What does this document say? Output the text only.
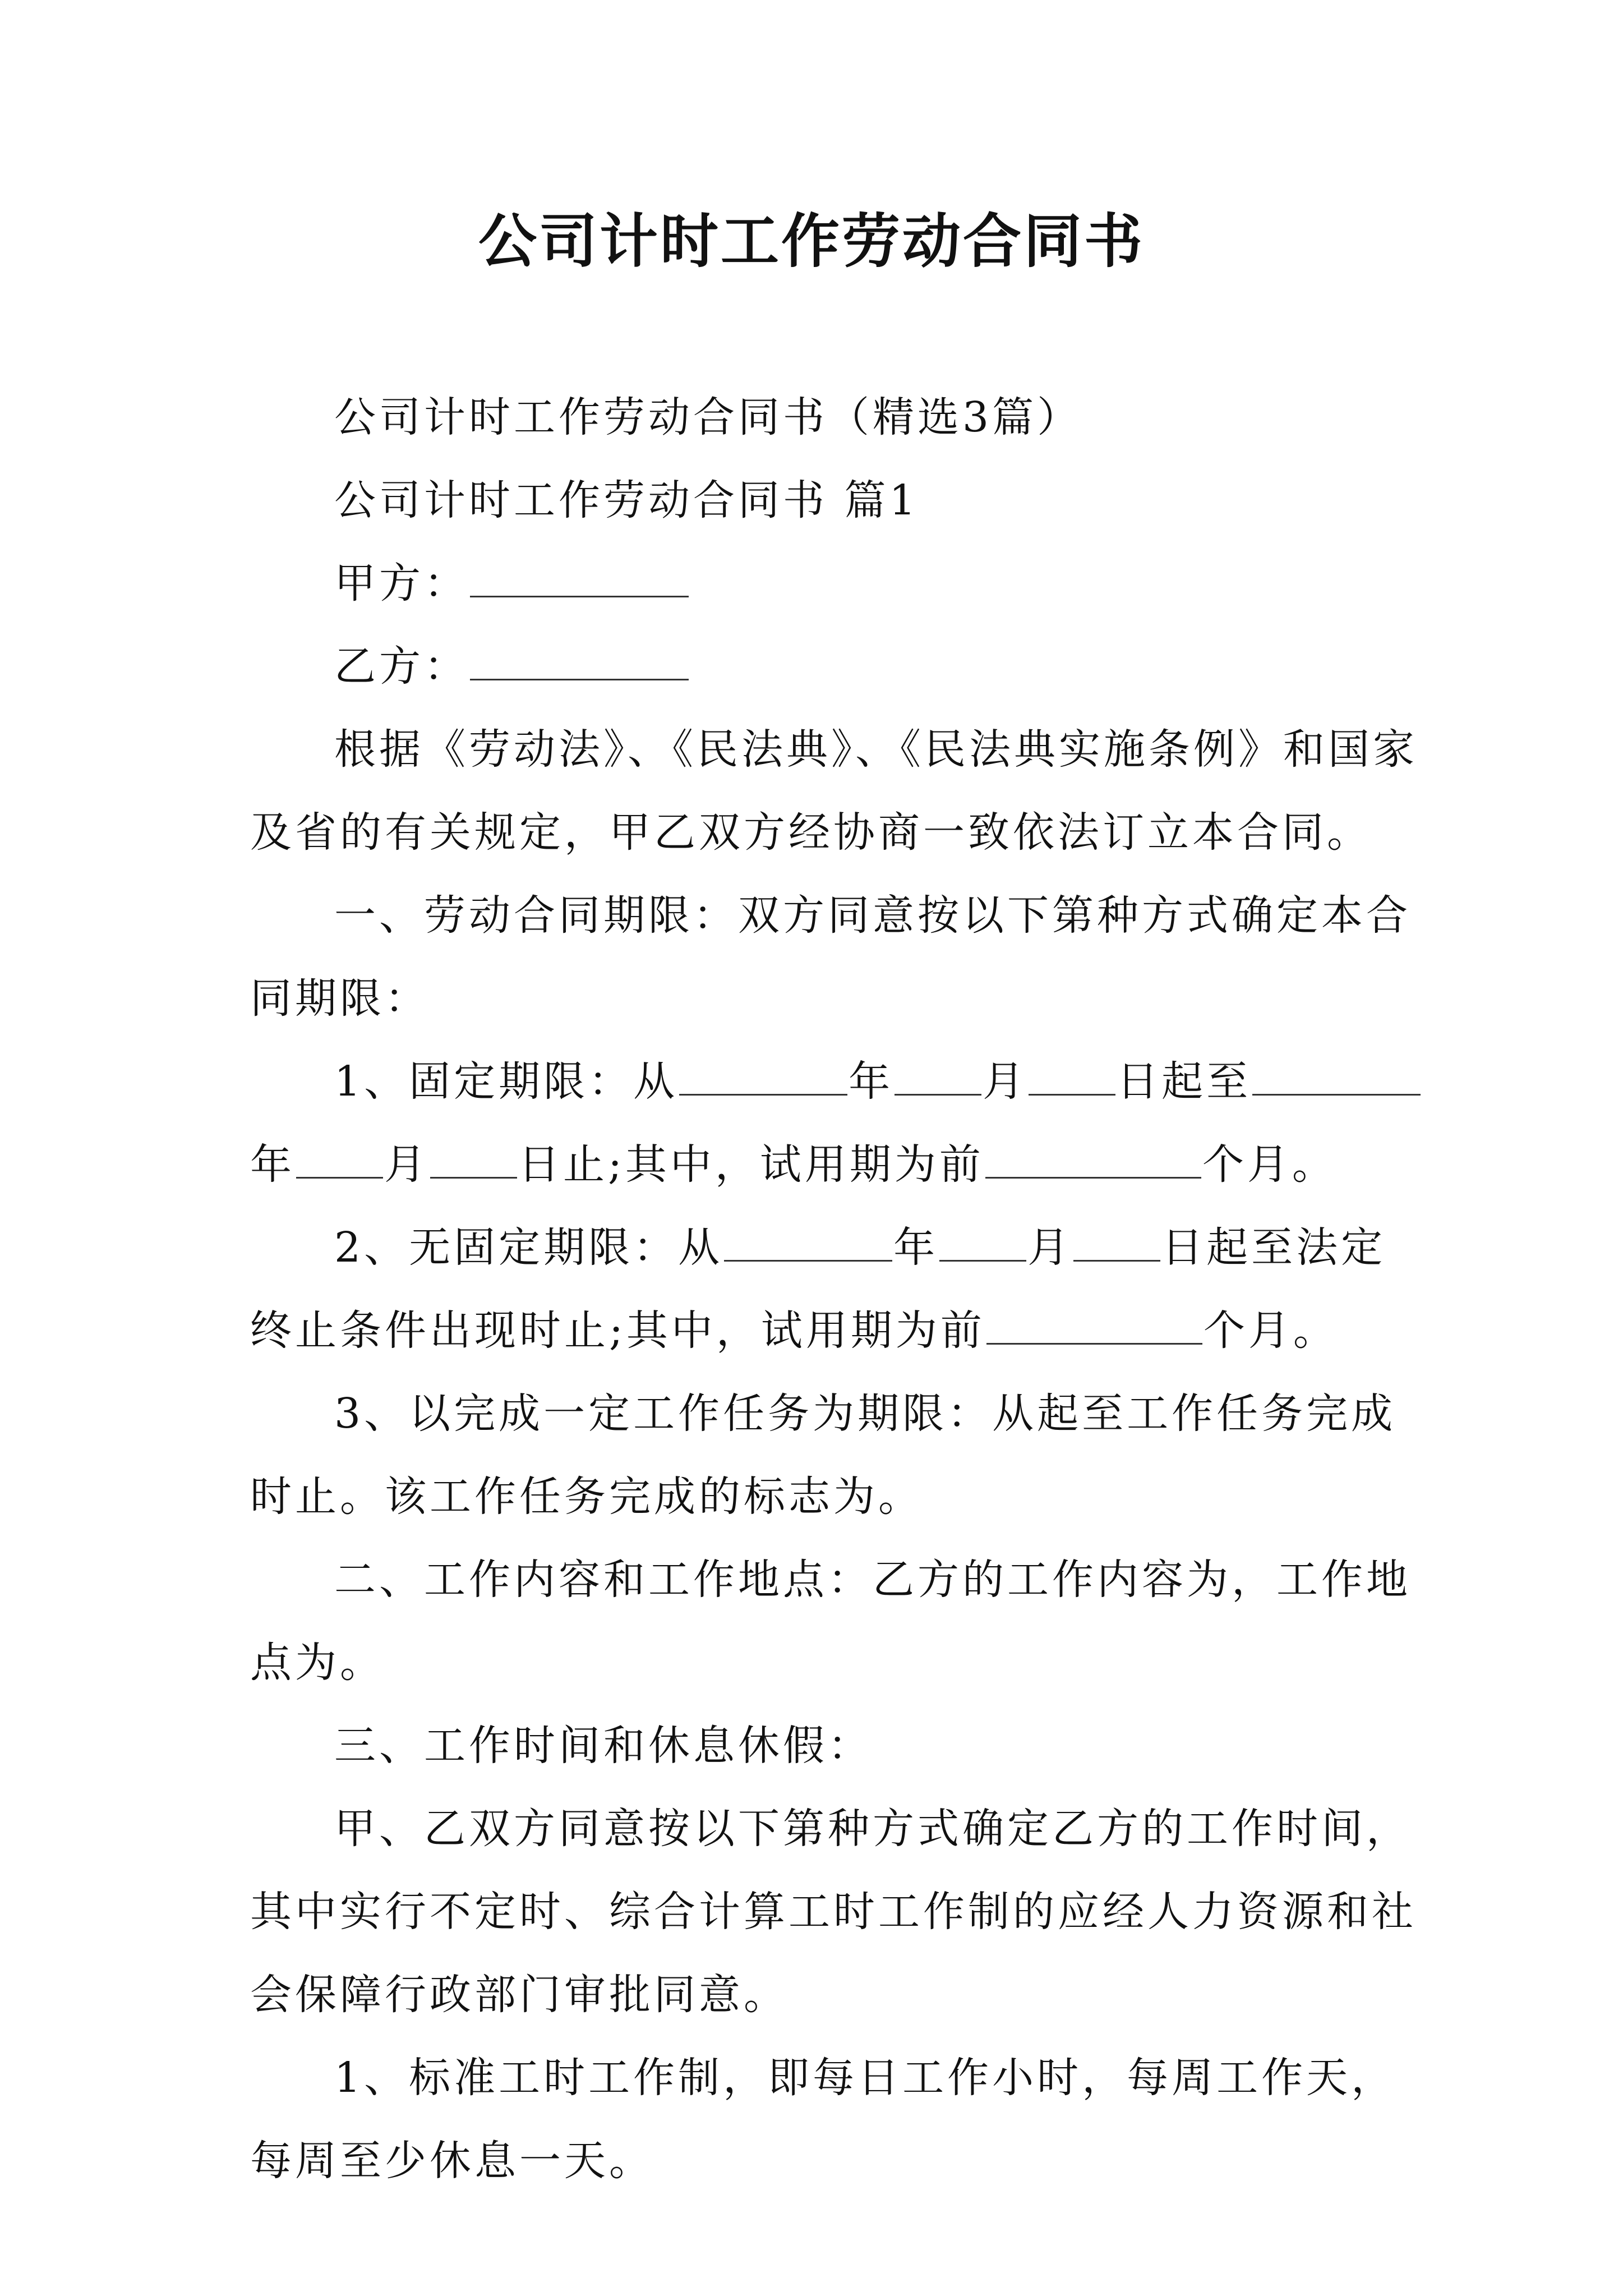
公司计时工作劳动合同书
公司计时工作劳动合同书（精选3篇）
公司计时工作劳动合同书 篇1
甲方：
乙方：
根据《劳动法》、《民法典》、《民法典实施条例》和国家
及省的有关规定，甲乙双方经协商一致依法订立本合同。
一、劳动合同期限：双方同意按以下第种方式确定本合
同期限：
1、固定期限：从	年 月 日起至
年 月 日止;其中，试用期为前	个月。
2、无固定期限：从	年 月 日起至法定
终止条件出现时止;其中，试用期为前	个月。
3、以完成一定工作任务为期限：从起至工作任务完成
时止。该工作任务完成的标志为。
二、工作内容和工作地点：乙方的工作内容为，工作地
点为。
三、工作时间和休息休假：
甲、乙双方同意按以下第种方式确定乙方的工作时间，
其中实行不定时、综合计算工时工作制的应经人力资源和社
会保障行政部门审批同意。
1、标准工时工作制，即每日工作小时，每周工作天，
每周至少休息一天。
